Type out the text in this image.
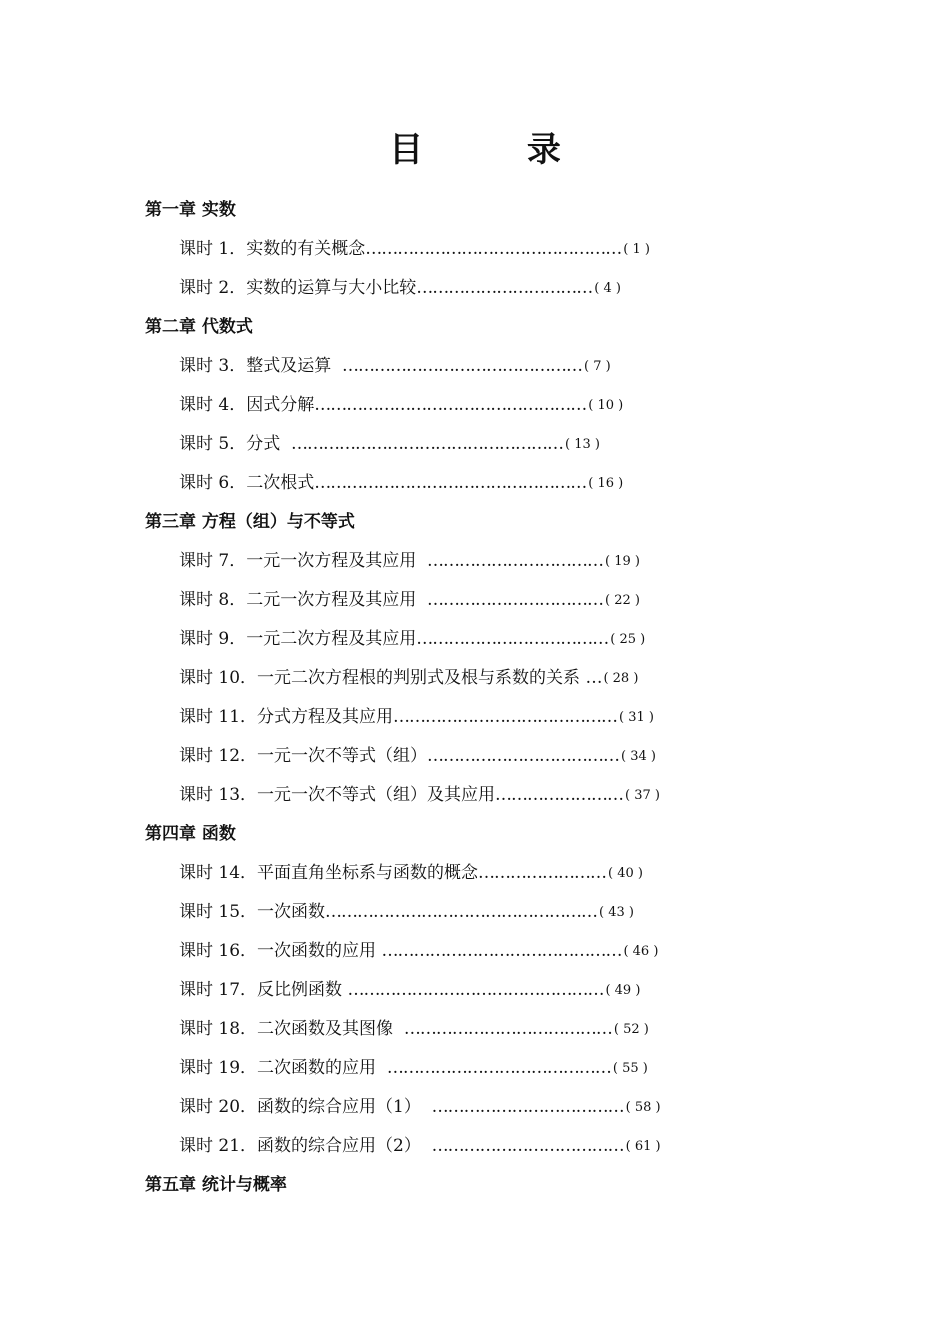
目 录
第一章 实数
课时 1． 实数的有关概念 ………………………………………… ( 1 )
课时 2． 实数的运算与大小比较 …………………………… ( 4 )
第二章 代数式
课时 3． 整式及运算 ……………………………………… ( 7 )
课时 4． 因式分解 …………………………………………… ( 10 )
课时 5． 分式 …………………………………………… ( 13 )
课时 6． 二次根式 …………………………………………… ( 16 )
第三章 方程（组）与不等式
课时 7． 一元一次方程及其应用 …………………………… ( 19 )
课时 8． 二元一次方程及其应用 …………………………… ( 22 )
课时 9． 一元二次方程及其应用 ……………………………… ( 25 )
课时 10． 一元二次方程根的判别式及根与系数的关系 … ( 28 )
课时 11． 分式方程及其应用 …………………………………… ( 31 )
课时 12． 一元一次不等式（组） ……………………………… ( 34 )
课时 13． 一元一次不等式（组）及其应用 …………………… ( 37 )
第四章 函数
课时 14． 平面直角坐标系与函数的概念 …………………… ( 40 )
课时 15． 一次函数 …………………………………………… ( 43 )
课时 16． 一次函数的应用 ……………………………………… ( 46 )
课时 17． 反比例函数 ………………………………………… ( 49 )
课时 18． 二次函数及其图像 ………………………………… ( 52 )
课时 19． 二次函数的应用 …………………………………… ( 55 )
课时 20． 函数的综合应用（1） ……………………………… ( 58 )
课时 21． 函数的综合应用（2） ……………………………… ( 61 )
第五章 统计与概率
